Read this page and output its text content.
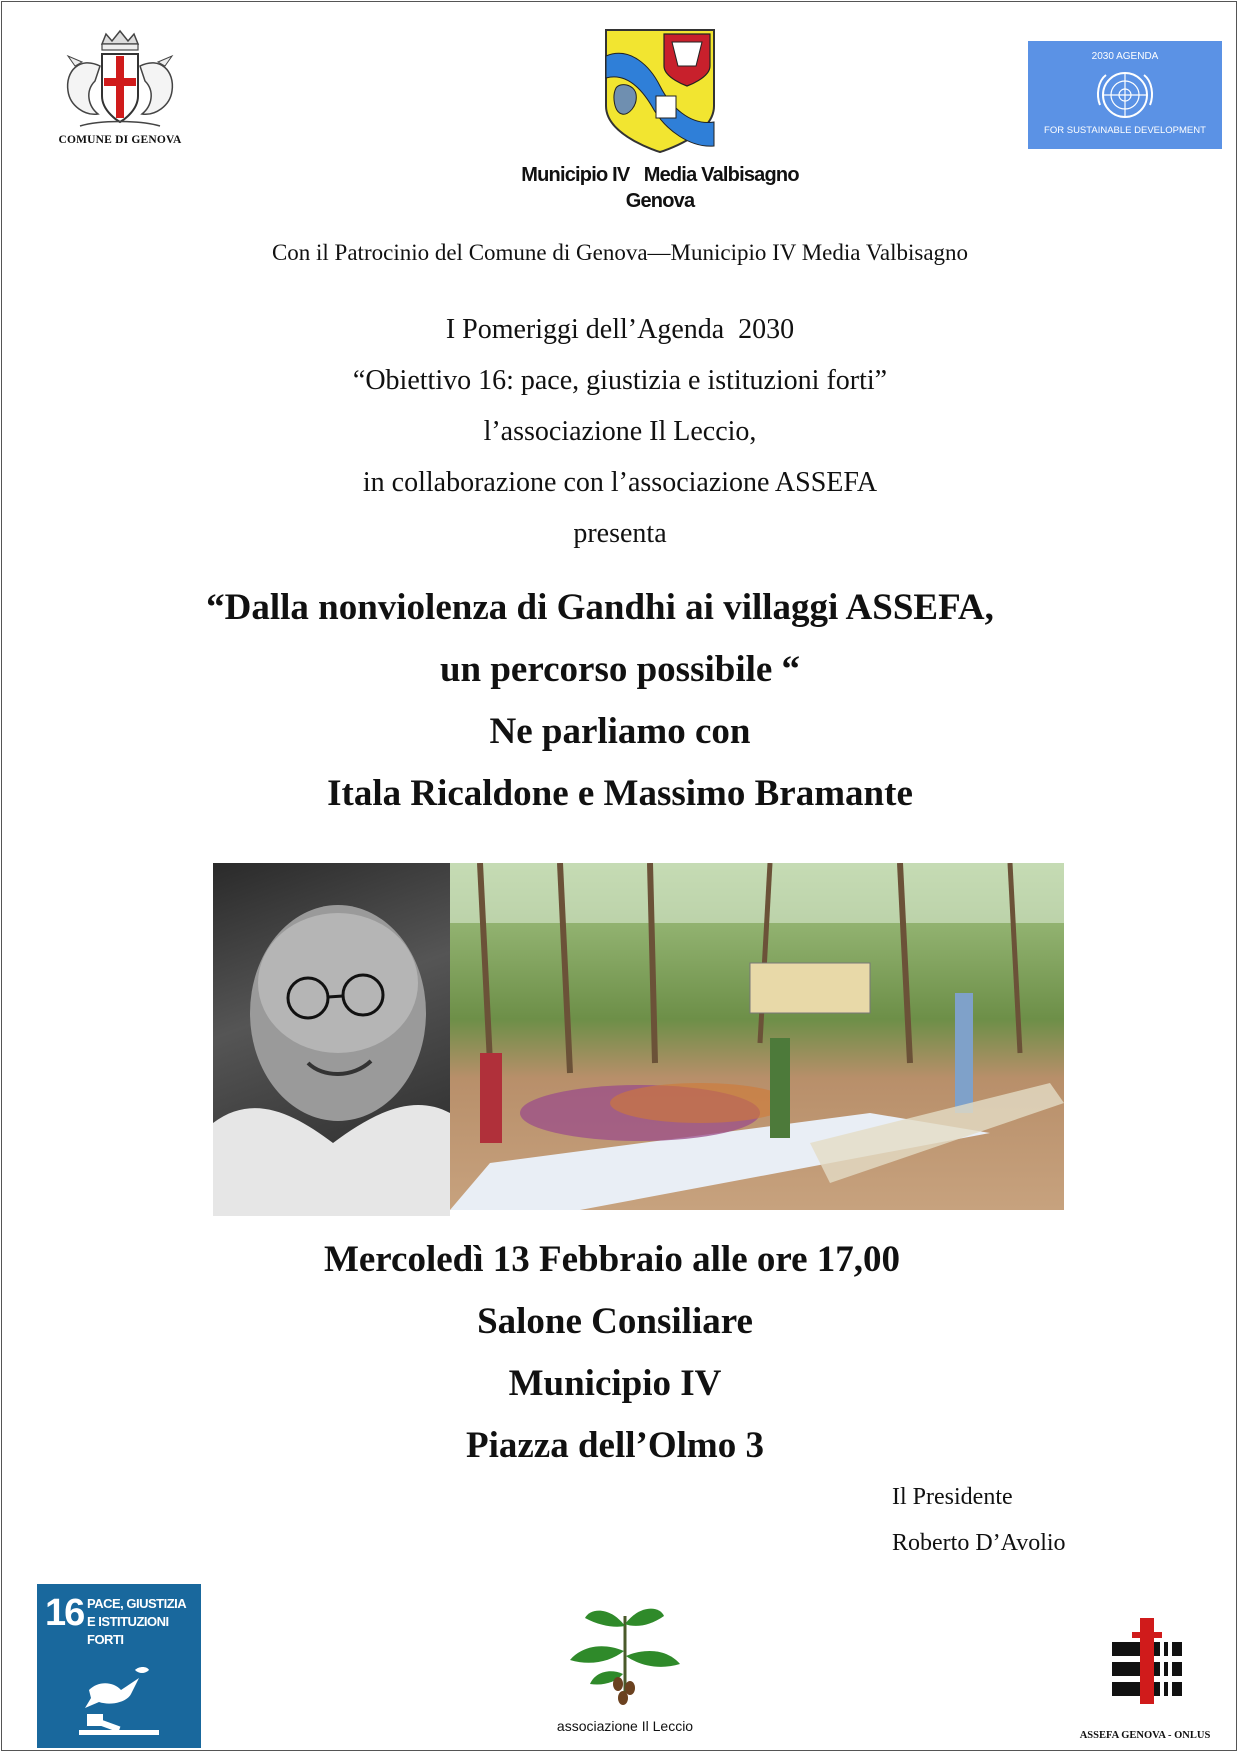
COMUNE DI GENOVA
Municipio IV   Media Valbisagno
Genova
2030 AGENDA
FOR SUSTAINABLE DEVELOPMENT
Con il Patrocinio del Comune di Genova—Municipio IV Media Valbisagno
I Pomeriggi dell’Agenda  2030
“Obiettivo 16: pace, giustizia e istituzioni forti”
l’associazione Il Leccio,
in collaborazione con l’associazione ASSEFA
presenta
“Dalla nonviolenza di Gandhi ai villaggi ASSEFA,
un percorso possibile “
Ne parliamo con
Itala Ricaldone e Massimo Bramante
Mercoledì 13 Febbraio alle ore 17,00
Salone Consiliare
Municipio IV
Piazza dell’Olmo 3
Il Presidente
Roberto D’Avolio
16 PACE, GIUSTIZIA
E ISTITUZIONI
FORTI
associazione Il Leccio
ASSEFA GENOVA - ONLUS
